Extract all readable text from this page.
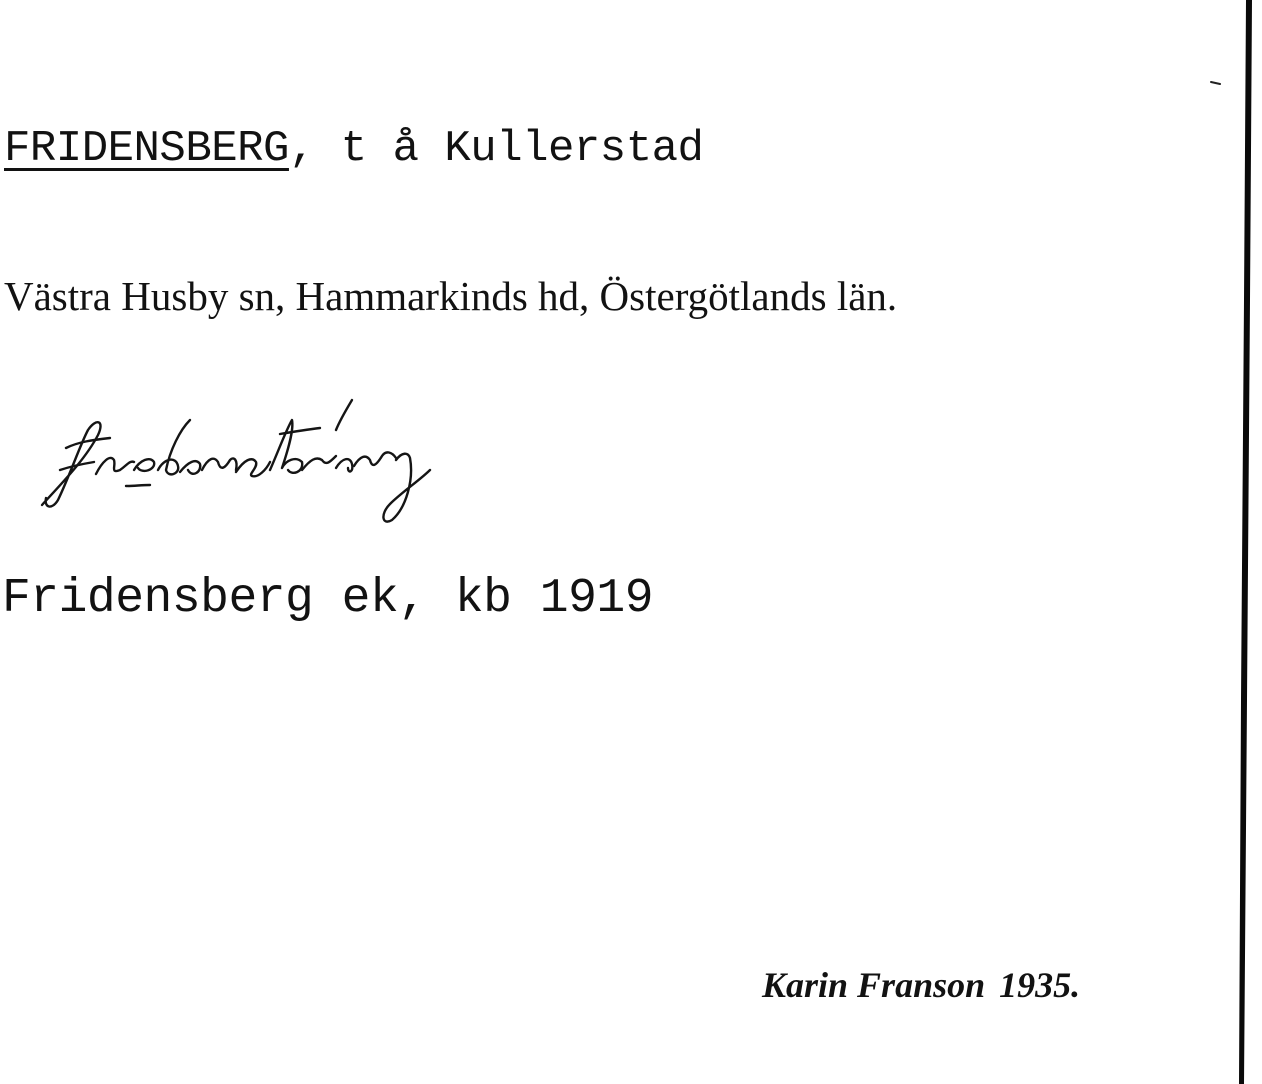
FRIDENSBERG, t å Kullerstad
Västra Husby sn, Hammarkinds hd, Östergötlands län.
Fridensberg ek, kb 1919
Karin Franson 1935.
